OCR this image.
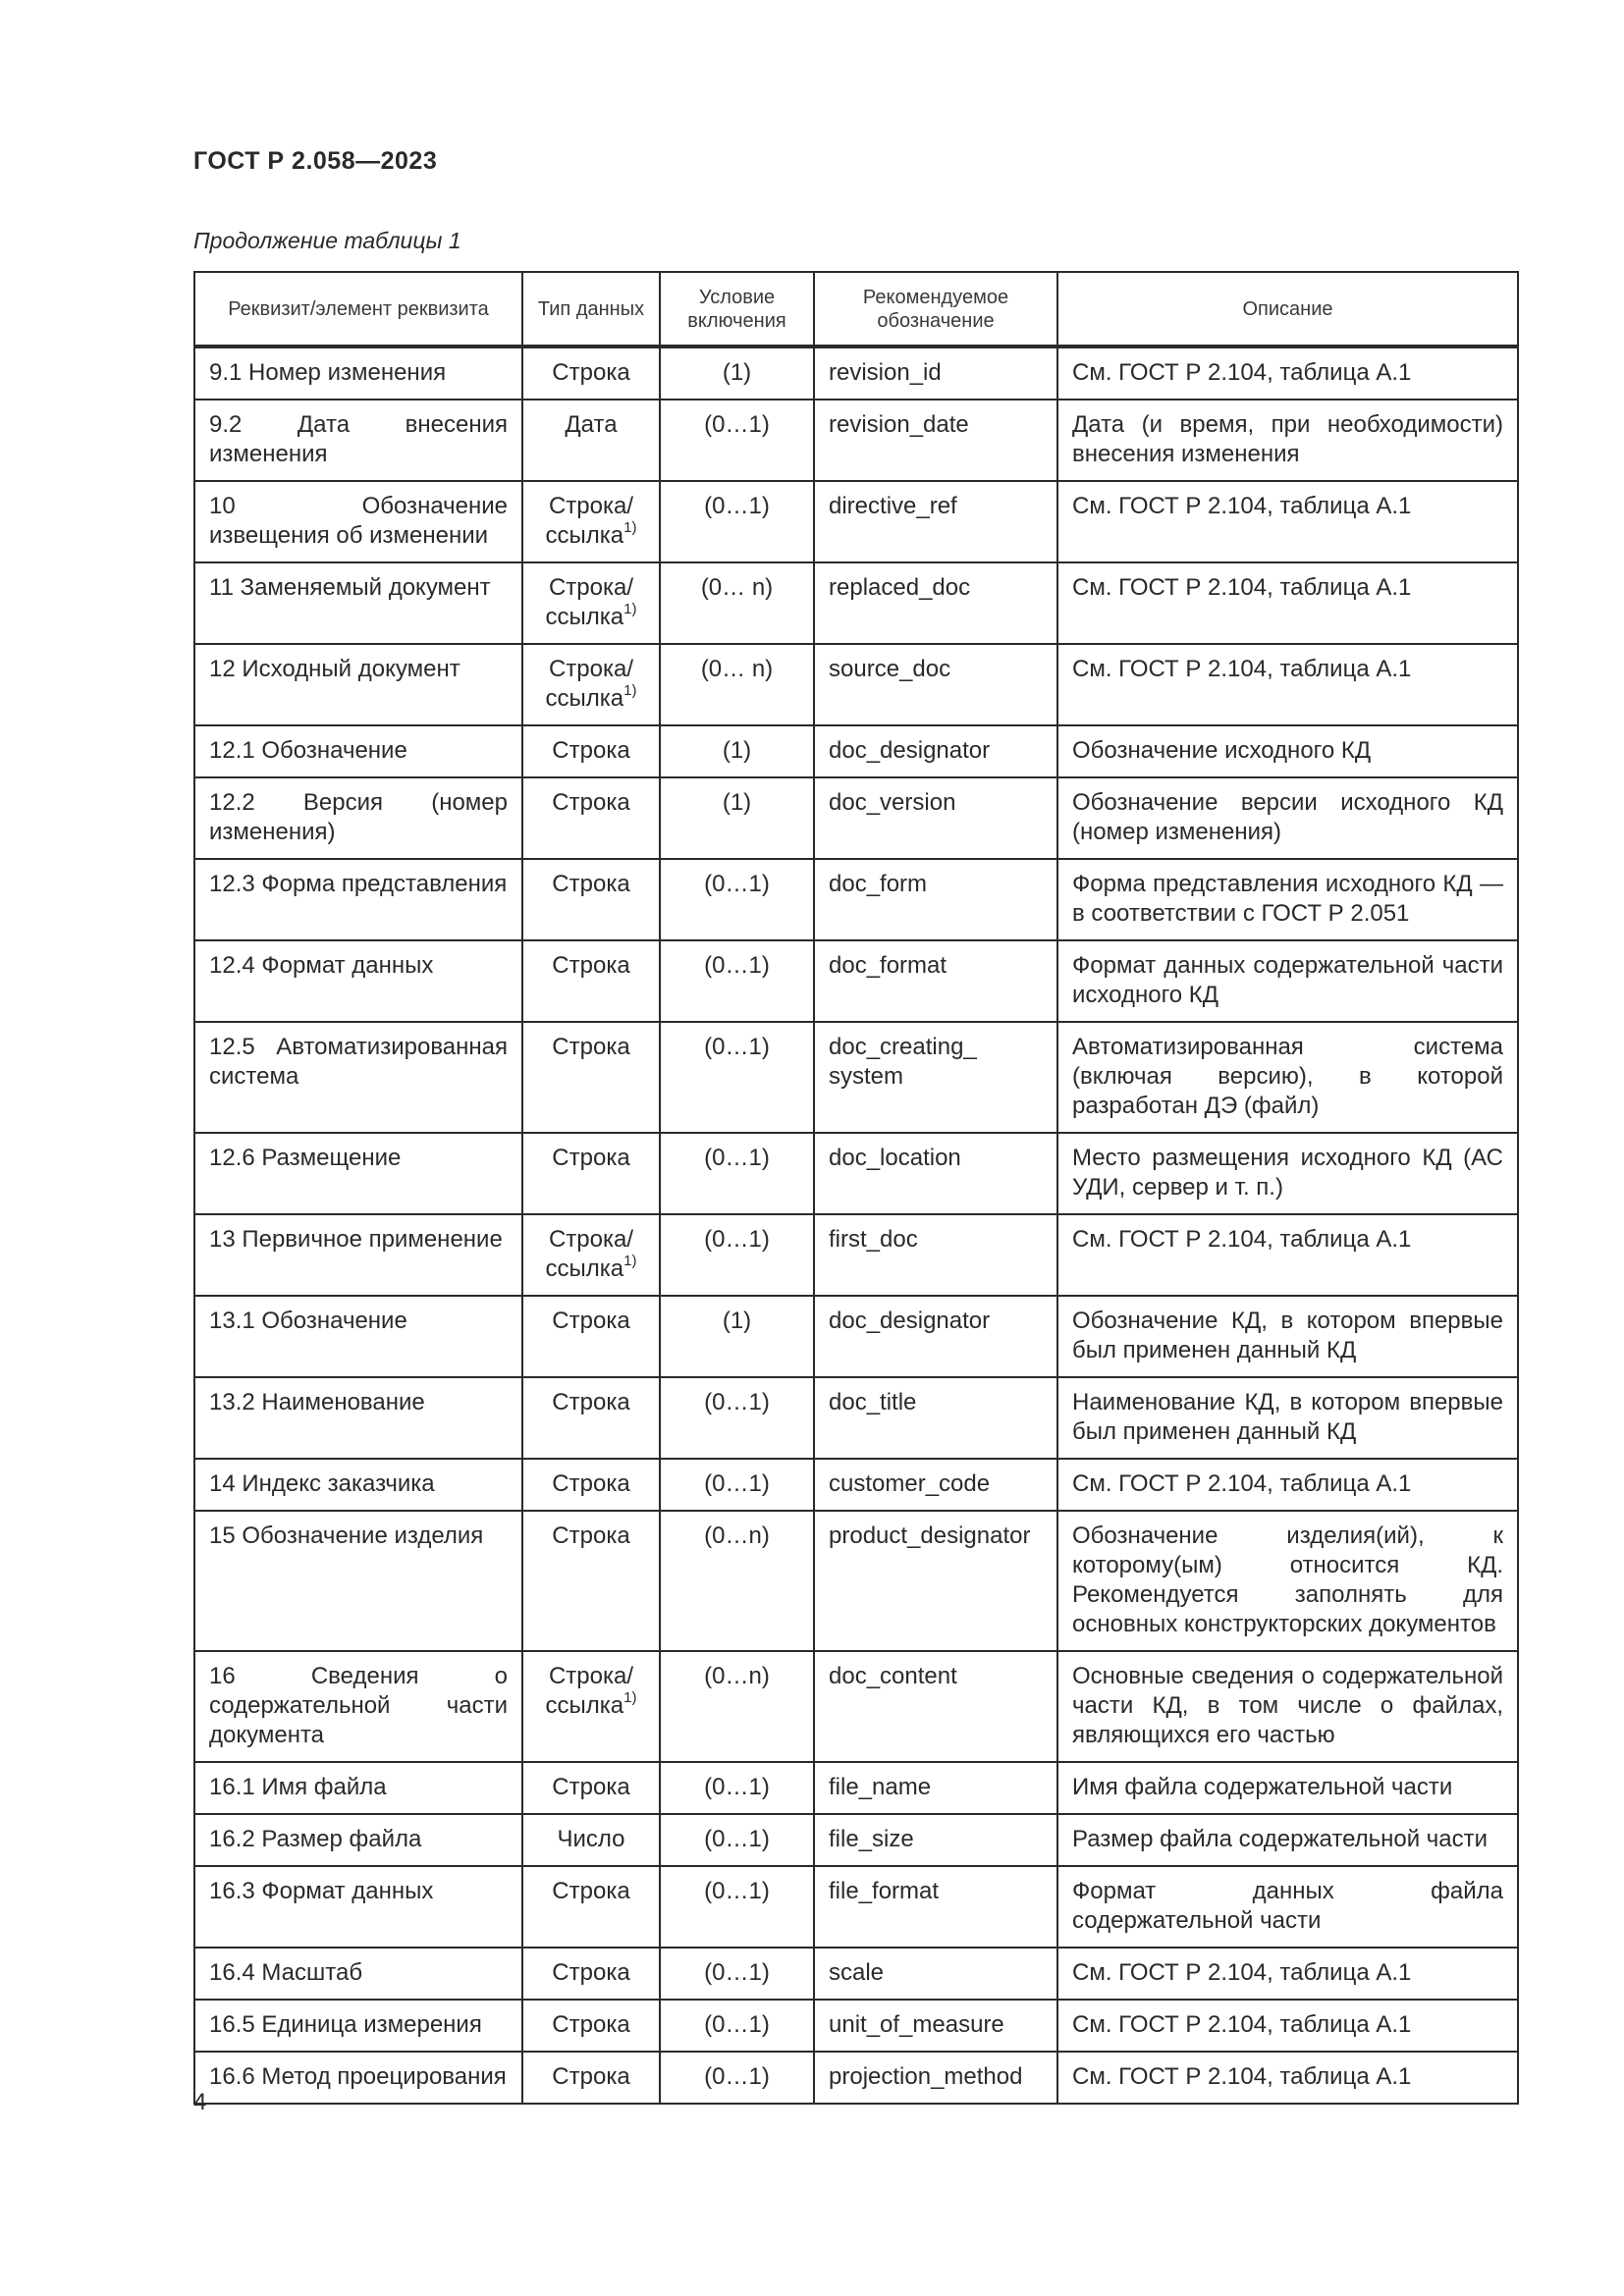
ГОСТ Р 2.058—2023
Продолжение таблицы 1
Реквизит/элемент реквизита	Тип данных	Условие включения	Рекомендуемое обозначение	Описание
9.1 Номер изменения	Строка	(1)	revision_id	См. ГОСТ Р 2.104, таблица А.1
9.2 Дата внесения изменения	Дата	(0…1)	revision_date	Дата (и время, при необходимости) внесения изменения
10 Обозначение извещения об изменении	Строка/ ссылка$^{1)}$	(0…1)	directive_ref	См. ГОСТ Р 2.104, таблица А.1
11 Заменяемый документ	Строка/ ссылка$^{1)}$	(0… n)	replaced_doc	См. ГОСТ Р 2.104, таблица А.1
12 Исходный документ	Строка/ ссылка$^{1)}$	(0… n)	source_doc	См. ГОСТ Р 2.104, таблица А.1
12.1 Обозначение	Строка	(1)	doc_designator	Обозначение исходного КД
12.2 Версия (номер изменения)	Строка	(1)	doc_version	Обозначение версии исходного КД (номер изменения)
12.3 Форма представления	Строка	(0…1)	doc_form	Форма представления исходного КД — в соответствии с ГОСТ Р 2.051
12.4 Формат данных	Строка	(0…1)	doc_format	Формат данных содержательной части исходного КД
12.5 Автоматизированная система	Строка	(0…1)	doc_creating_ system	Автоматизированная система (включая версию), в которой разработан ДЭ (файл)
12.6 Размещение	Строка	(0…1)	doc_location	Место размещения исходного КД (АС УДИ, сервер и т. п.)
13 Первичное применение	Строка/ ссылка$^{1)}$	(0…1)	first_doc	См. ГОСТ Р 2.104, таблица А.1
13.1 Обозначение	Строка	(1)	doc_designator	Обозначение КД, в котором впервые был применен данный КД
13.2 Наименование	Строка	(0…1)	doc_title	Наименование КД, в котором впервые был применен данный КД
14 Индекс заказчика	Строка	(0…1)	customer_code	См. ГОСТ Р 2.104, таблица А.1
15 Обозначение изделия	Строка	(0…n)	product_designator	Обозначение изделия(ий), к которому(ым) относится КД. Рекомендуется заполнять для основных конструкторских документов
16 Сведения о содержательной части документа	Строка/ ссылка$^{1)}$	(0…n)	doc_content	Основные сведения о содержательной части КД, в том числе о файлах, являющихся его частью
16.1 Имя файла	Строка	(0…1)	file_name	Имя файла содержательной части
16.2 Размер файла	Число	(0…1)	file_size	Размер файла содержательной части
16.3 Формат данных	Строка	(0…1)	file_format	Формат данных файла содержательной части
16.4 Масштаб	Строка	(0…1)	scale	См. ГОСТ Р 2.104, таблица А.1
16.5 Единица измерения	Строка	(0…1)	unit_of_measure	См. ГОСТ Р 2.104, таблица А.1
16.6 Метод проецирования	Строка	(0…1)	projection_method	См. ГОСТ Р 2.104, таблица А.1
4
